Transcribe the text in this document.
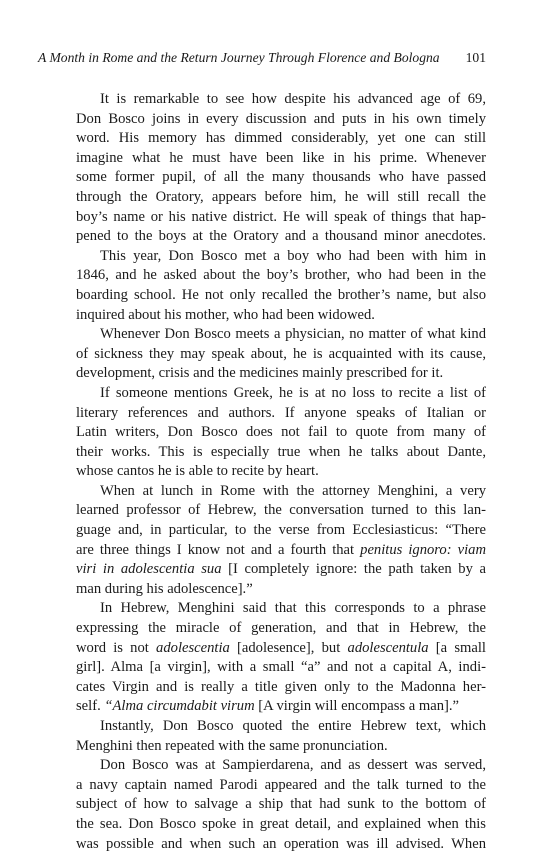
A Month in Rome and the Return Journey Through Florence and Bologna 101
It is remarkable to see how despite his advanced age of 69,
Don Bosco joins in every discussion and puts in his own timely
word. His memory has dimmed considerably, yet one can still
imagine what he must have been like in his prime. Whenever
some former pupil, of all the many thousands who have passed
through the Oratory, appears before him, he will still recall the
boy’s name or his native district. He will speak of things that hap-
pened to the boys at the Oratory and a thousand minor anecdotes.
This year, Don Bosco met a boy who had been with him in
1846, and he asked about the boy’s brother, who had been in the
boarding school. He not only recalled the brother’s name, but also
inquired about his mother, who had been widowed.
Whenever Don Bosco meets a physician, no matter of what kind
of sickness they may speak about, he is acquainted with its cause,
development, crisis and the medicines mainly prescribed for it.
If someone mentions Greek, he is at no loss to recite a list of
literary references and authors. If anyone speaks of Italian or
Latin writers, Don Bosco does not fail to quote from many of
their works. This is especially true when he talks about Dante,
whose cantos he is able to recite by heart.
When at lunch in Rome with the attorney Menghini, a very
learned professor of Hebrew, the conversation turned to this lan-
guage and, in particular, to the verse from Ecclesiasticus: “There
are three things I know not and a fourth that penitus ignoro: viam
viri in adolescentia sua [I completely ignore: the path taken by a
man during his adolescence].”
In Hebrew, Menghini said that this corresponds to a phrase
expressing the miracle of generation, and that in Hebrew, the
word is not adolescentia [adolesence], but adolescentula [a small
girl]. Alma [a virgin], with a small “a” and not a capital A, indi-
cates Virgin and is really a title given only to the Madonna her-
self. “Alma circumdabit virum [A virgin will encompass a man].”
Instantly, Don Bosco quoted the entire Hebrew text, which
Menghini then repeated with the same pronunciation.
Don Bosco was at Sampierdarena, and as dessert was served,
a navy captain named Parodi appeared and the talk turned to the
subject of how to salvage a ship that had sunk to the bottom of
the sea. Don Bosco spoke in great detail, and explained when this
was possible and when such an operation was ill advised. When
